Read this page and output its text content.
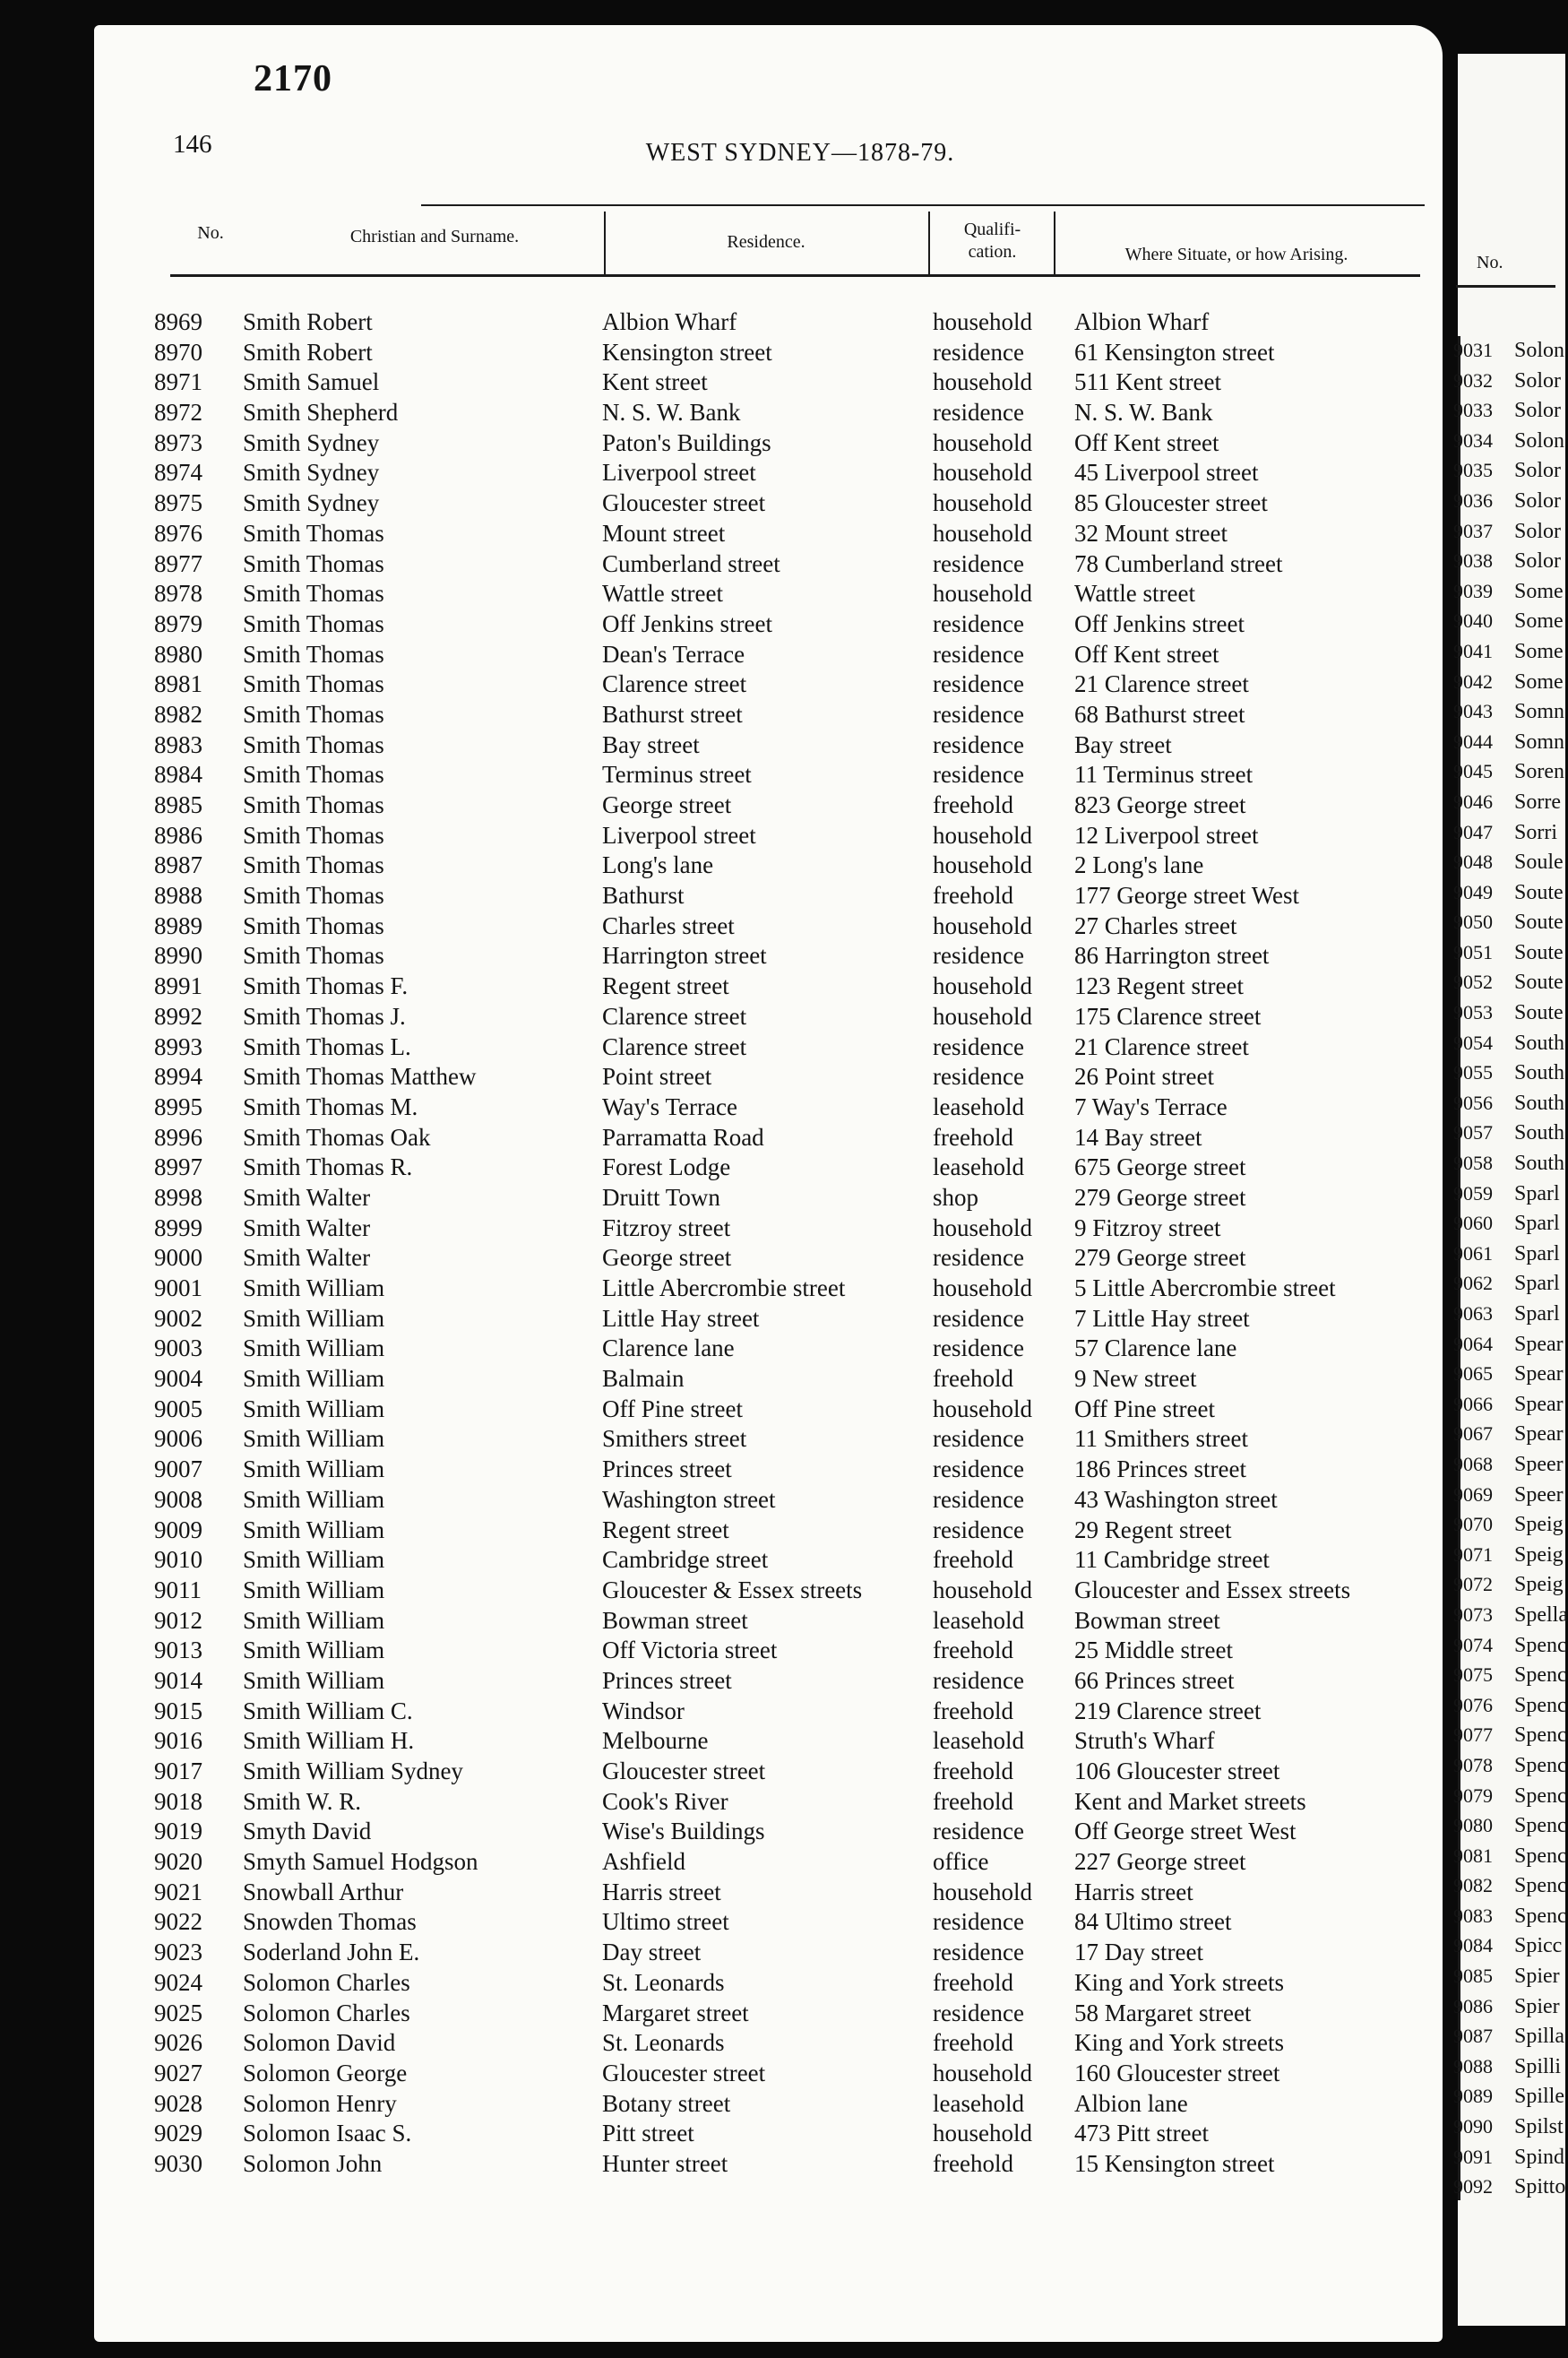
2170
146	WEST SYDNEY—1878-79.
No.	Christian and Surname.	Residence.
Qualifi-
cation.	Where Situate, or how Arising.
8969 Smith Robert	Albion Wharf	household Albion Wharf
8970 Smith Robert	Kensington street	residence 61 Kensington street
8971 Smith Samuel	Kent street	household 511 Kent street
8972 Smith Shepherd	N. S. W. Bank	residence N. S. W. Bank
8973 Smith Sydney	Paton's Buildings	household Off Kent street
8974 Smith Sydney	Liverpool street	household 45 Liverpool street
8975 Smith Sydney	Gloucester street	household 85 Gloucester street
8976 Smith Thomas	Mount street	household 32 Mount street
8977 Smith Thomas	Cumberland street	residence 78 Cumberland street
8978 Smith Thomas	Wattle street	household Wattle street
8979 Smith Thomas	Off Jenkins street	residence Off Jenkins street
8980 Smith Thomas	Dean's Terrace	residence Off Kent street
8981 Smith Thomas	Clarence street	residence 21 Clarence street
8982 Smith Thomas	Bathurst street	residence 68 Bathurst street
8983 Smith Thomas	Bay street	residence Bay street
8984 Smith Thomas	Terminus street	residence 11 Terminus street
8985 Smith Thomas	George street	freehold	823 George street
8986 Smith Thomas	Liverpool street	household 12 Liverpool street
8987 Smith Thomas	Long's lane	household 2 Long's lane
8988 Smith Thomas	Bathurst	freehold	177 George street West
8989 Smith Thomas	Charles street	household 27 Charles street
8990 Smith Thomas	Harrington street	residence 86 Harrington street
8991 Smith Thomas F.	Regent street	household 123 Regent street
8992 Smith Thomas J.	Clarence street	household 175 Clarence street
8993 Smith Thomas L.	Clarence street	residence 21 Clarence street
8994 Smith Thomas Matthew	Point street	residence 26 Point street
8995 Smith Thomas M.	Way's Terrace	leasehold 7 Way's Terrace
8996 Smith Thomas Oak	Parramatta Road	freehold	14 Bay street
8997 Smith Thomas R.	Forest Lodge	leasehold 675 George street
8998 Smith Walter	Druitt Town	shop	279 George street
8999 Smith Walter	Fitzroy street	household 9 Fitzroy street
9000 Smith Walter	George street	residence 279 George street
9001 Smith William	Little Abercrombie street	household 5 Little Abercrombie street
9002 Smith William	Little Hay street	residence 7 Little Hay street
9003 Smith William	Clarence lane	residence 57 Clarence lane
9004 Smith William	Balmain	freehold	9 New street
9005 Smith William	Off Pine street	household Off Pine street
9006 Smith William	Smithers street	residence 11 Smithers street
9007 Smith William	Princes street	residence 186 Princes street
9008 Smith William	Washington street	residence 43 Washington street
9009 Smith William	Regent street	residence 29 Regent street
9010 Smith William	Cambridge street	freehold	11 Cambridge street
9011 Smith William	Gloucester & Essex streets	household Gloucester and Essex streets
9012 Smith William	Bowman street	leasehold Bowman street
9013 Smith William	Off Victoria street	freehold	25 Middle street
9014 Smith William	Princes street	residence 66 Princes street
9015 Smith William C.	Windsor	freehold	219 Clarence street
9016 Smith William H.	Melbourne	leasehold Struth's Wharf
9017 Smith William Sydney	Gloucester street	freehold	106 Gloucester street
9018 Smith W. R.	Cook's River	freehold	Kent and Market streets
9019 Smyth David	Wise's Buildings	residence Off George street West
9020 Smyth Samuel Hodgson	Ashfield	office	227 George street
9021 Snowball Arthur	Harris street	household Harris street
9022 Snowden Thomas	Ultimo street	residence 84 Ultimo street
9023 Soderland John E.	Day street	residence 17 Day street
9024 Solomon Charles	St. Leonards	freehold	King and York streets
9025 Solomon Charles	Margaret street	residence 58 Margaret street
9026 Solomon David	St. Leonards	freehold	King and York streets
9027 Solomon George	Gloucester street	household 160 Gloucester street
9028 Solomon Henry	Botany street	leasehold Albion lane
9029 Solomon Isaac S.	Pitt street	household 473 Pitt street
9030 Solomon John	Hunter street	freehold	15 Kensington street
No.
9031 Solon
9032 Solor
9033 Solor
9034 Solon
9035 Solor
9036 Solor
9037 Solor
9038 Solor
9039 Some
9040 Some
9041 Some
9042 Some
9043 Somn
9044 Somn
9045 Soren
9046 Sorre
9047 Sorri
9048 Soule
9049 Soute
9050 Soute
9051 Soute
9052 Soute
9053 Soute
9054 South
9055 South
9056 South
9057 South
9058 South
9059 Sparl
9060 Sparl
9061 Sparl
9062 Sparl
9063 Sparl
9064 Spear
9065 Spear
9066 Spear
9067 Spear
9068 Speer
9069 Speer
9070 Speig
9071 Speig
9072 Speig
9073 Spella
9074 Spenc
9075 Spenc
9076 Spenc
9077 Spenc
9078 Spenc
9079 Spenc
9080 Spenc
9081 Spenc
9082 Spenc
9083 Spenc
9084 Spicc
9085 Spier
9086 Spier
9087 Spilla
9088 Spilli
9089 Spille
9090 Spilst
9091 Spind
9092 Spitto
